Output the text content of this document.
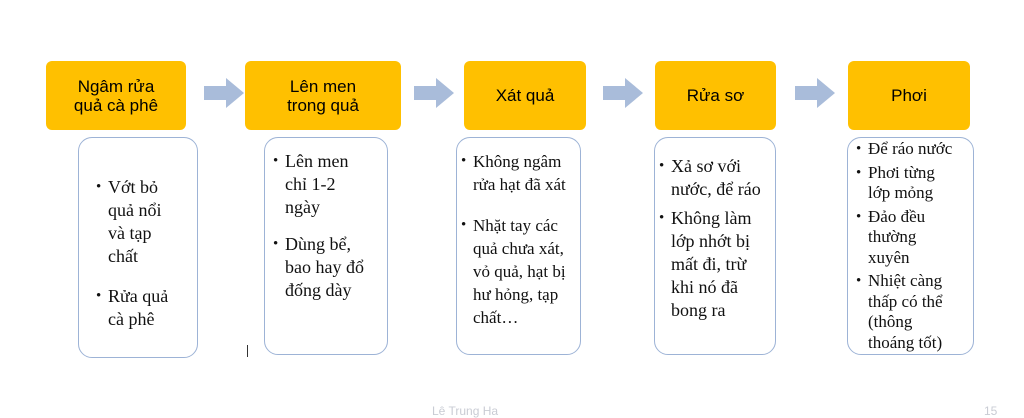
Ngâm rửa
quả cà phê
Lên men
trong quả	Xát quả	Rửa sơ	Phơi
• Vớt bỏ
quả nổi
và tạp
chất
• Rửa quả
cà phê
• Lên men
chỉ 1-2
ngày
• Dùng bể,
bao hay đổ
đống dày
• Không ngâm
rửa hạt đã xát
• Nhặt tay các
quả chưa xát,
vỏ quả, hạt bị
hư hỏng, tạp
chất…
• Xả sơ với
nước, để ráo
• Không làm
lớp nhớt bị
mất đi, trừ
khi nó đã
bong ra
• Để ráo nước
• Phơi từng
lớp mỏng
• Đảo đều
thường
xuyên
• Nhiệt càng
thấp có thể
(thông
thoáng tốt)
Lê Trung Ha	15
